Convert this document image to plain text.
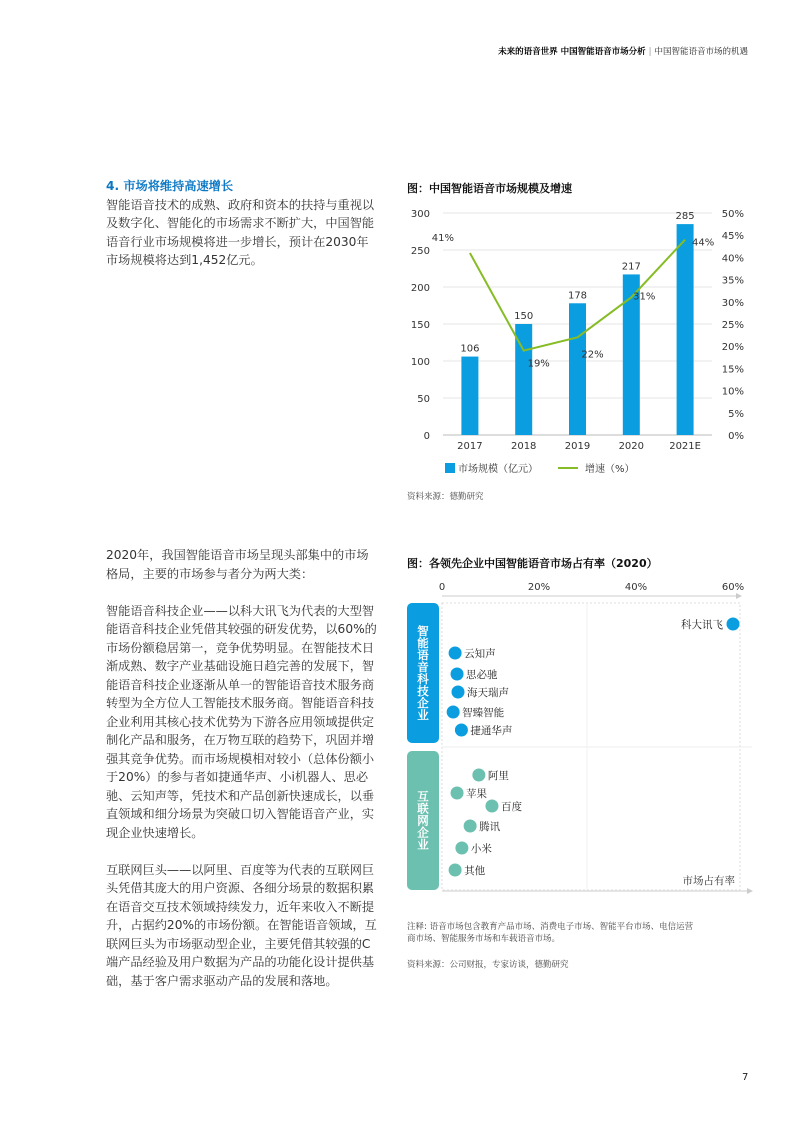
未来的语音世界 中国智能语音市场分析 | 中国智能语音市场的机遇
4. 市场将维持高速增长
智能语音技术的成熟、政府和资本的扶持与重视以
及数字化、智能化的市场需求不断扩大，中国智能
语音行业市场规模将进一步增长，预计在2030年
市场规模将达到1,452亿元。
2020年，我国智能语音市场呈现头部集中的市场
格局，主要的市场参与者分为两大类：

智能语音科技企业——以科大讯飞为代表的大型智
能语音科技企业凭借其较强的研发优势，以60%的
市场份额稳居第一，竞争优势明显。在智能技术日
渐成熟、数字产业基础设施日趋完善的发展下，智
能语音科技企业逐渐从单一的智能语音技术服务商
转型为全方位人工智能技术服务商。智能语音科技
企业利用其核心技术优势为下游各应用领域提供定
制化产品和服务，在万物互联的趋势下，巩固并增
强其竞争优势。而市场规模相对较小（总体份额小
于20%）的参与者如捷通华声、小i机器人、思必
驰、云知声等，凭技术和产品创新快速成长，以垂
直领域和细分场景为突破口切入智能语音产业，实
现企业快速增长。

互联网巨头——以阿里、百度等为代表的互联网巨
头凭借其庞大的用户资源、各细分场景的数据积累
在语音交互技术领域持续发力，近年来收入不断提
升，占据约20%的市场份额。在智能语音领域，互
联网巨头为市场驱动型企业，主要凭借其较强的C
端产品经验及用户数据为产品的功能化设计提供基
础，基于客户需求驱动产品的发展和落地。
图：中国智能语音市场规模及增速
0
50
100
150
200
250
300
0%
5%
10%
15%
20%
25%
30%
35%
40%
45%
50%
2017
106
2018
150
2019
178
2020
217
2021E
285
41%
19%
22%
31%
44%
市场规模（亿元）	增速（%）
资料来源：德勤研究
图：各领先企业中国智能语音市场占有率（2020）
0	20%	40%	60%
市场占有率
智能语音科技企业
科大讯飞
云知声
思必驰
海天瑞声
智臻智能
捷通华声
互联网企业
阿里
苹果
百度
腾讯
小米
其他
注释: 语音市场包含教育产品市场、消费电子市场、智能平台市场、电信运营
商市场、智能服务市场和车载语音市场。
资料来源：公司财报，专家访谈，德勤研究
7
